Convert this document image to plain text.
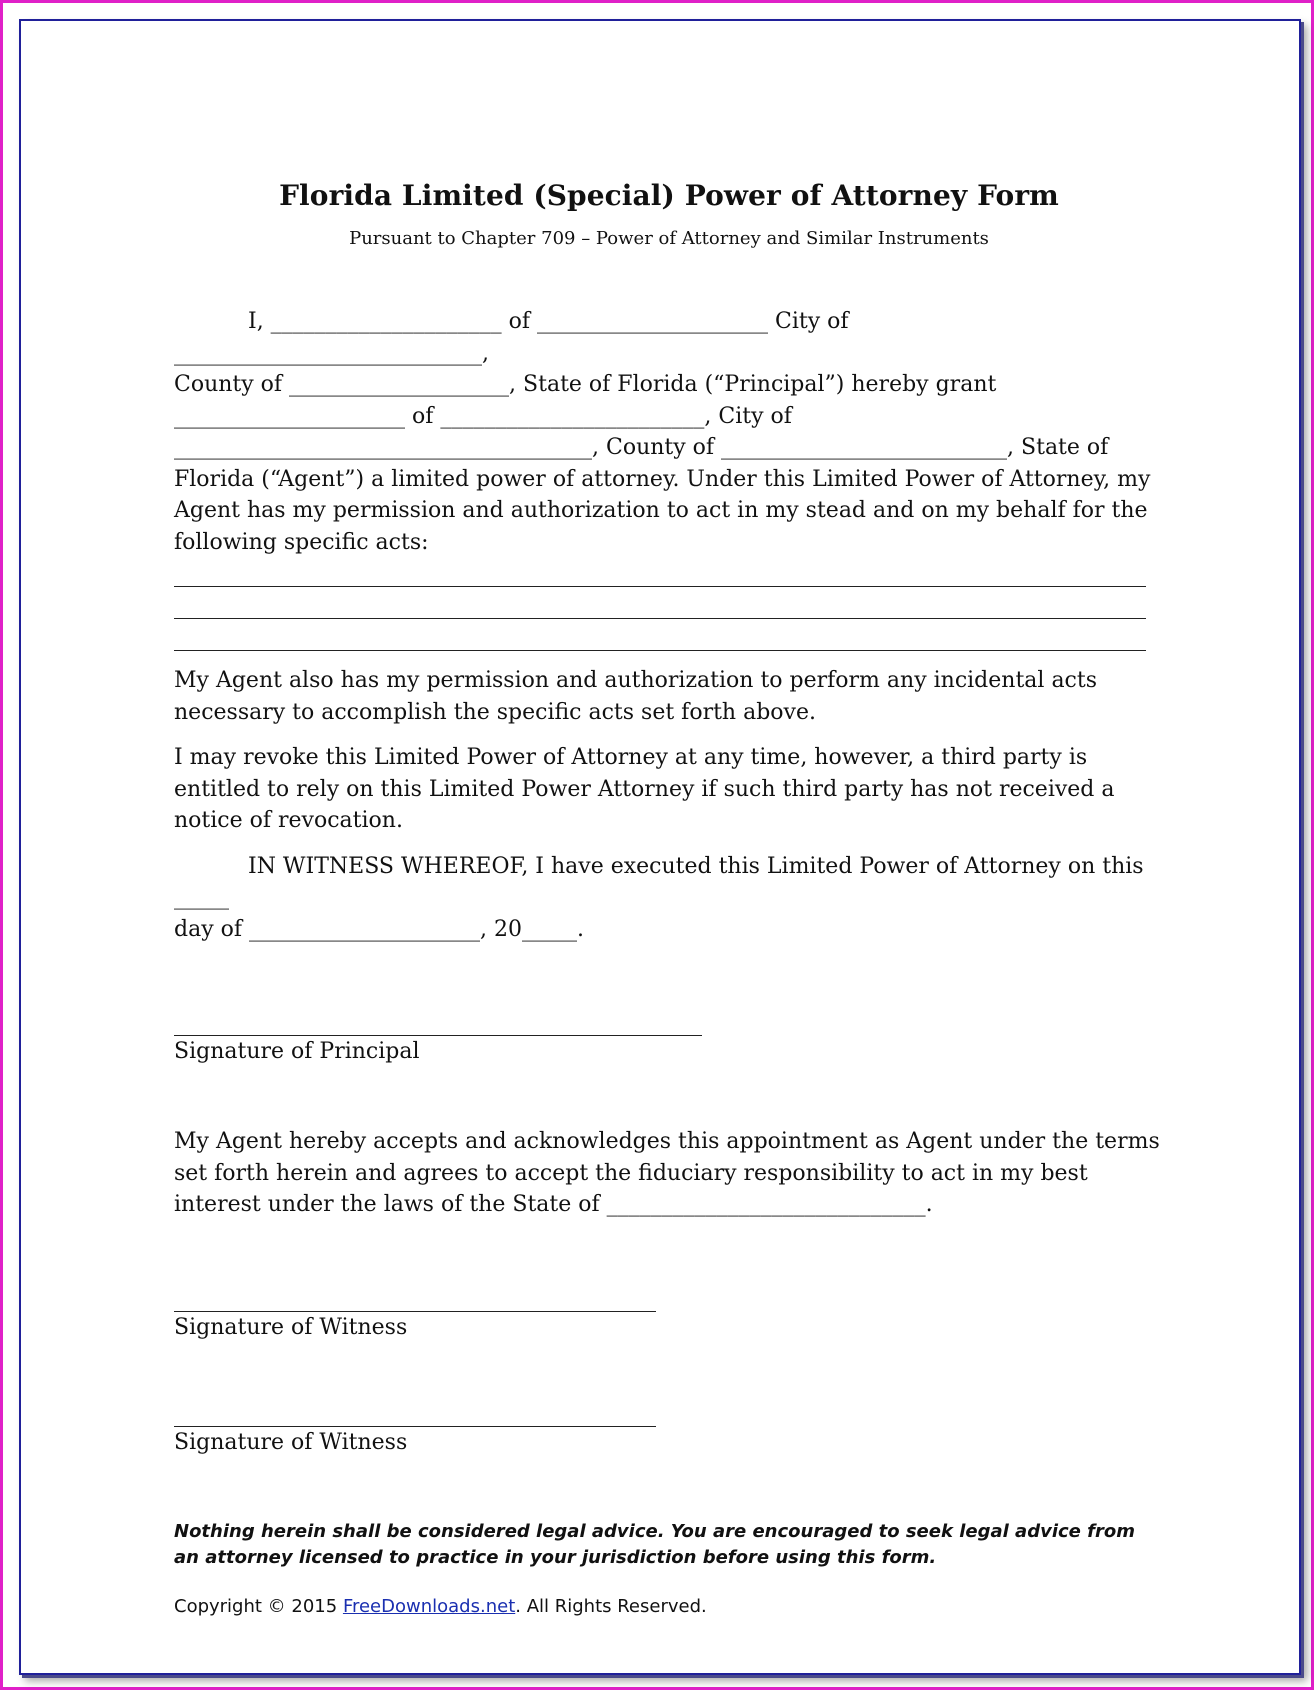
Florida Limited (Special) Power of Attorney Form

Pursuant to Chapter 709 – Power of Attorney and Similar Instruments

I, _____________________ of _____________________ City of ____________________________,

County of ____________________, State of Florida (“Principal”) hereby grant _____________________ of ________________________, City of ______________________________________, County of __________________________, State of Florida (“Agent”) a limited power of attorney. Under this Limited Power of Attorney, my Agent has my permission and authorization to act in my stead and on my behalf for the following specific acts:

My Agent also has my permission and authorization to perform any incidental acts necessary to accomplish the specific acts set forth above.

I may revoke this Limited Power of Attorney at any time, however, a third party is entitled to rely on this Limited Power Attorney if such third party has not received a notice of revocation.

IN WITNESS WHEREOF, I have executed this Limited Power of Attorney on this _____

day of _____________________, 20_____.

Signature of Principal

My Agent hereby accepts and acknowledges this appointment as Agent under the terms set forth herein and agrees to accept the fiduciary responsibility to act in my best interest under the laws of the State of _____________________________.

Signature of Witness

Signature of Witness

Nothing herein shall be considered legal advice. You are encouraged to seek legal advice from an attorney licensed to practice in your jurisdiction before using this form.

Copyright © 2015 FreeDownloads.net. All Rights Reserved.
